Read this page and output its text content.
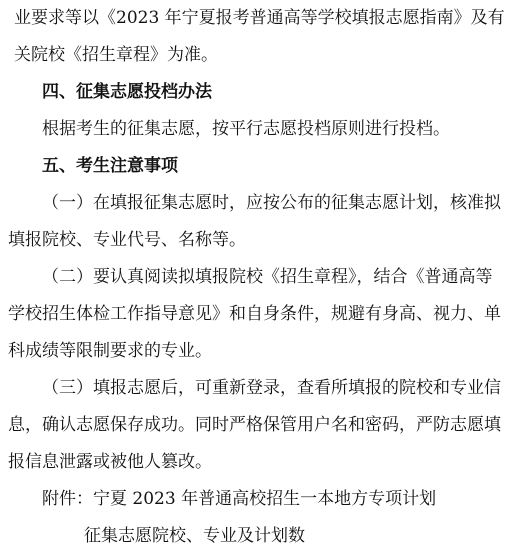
业要求等以《2023 年宁夏报考普通高等学校填报志愿指南》及有
关院校《招生章程》为准。
四、征集志愿投档办法
根据考生的征集志愿，按平行志愿投档原则进行投档。
五、考生注意事项
（一）在填报征集志愿时，应按公布的征集志愿计划，核准拟
填报院校、专业代号、名称等。
（二）要认真阅读拟填报院校《招生章程》，结合《普通高等
学校招生体检工作指导意见》和自身条件，规避有身高、视力、单
科成绩等限制要求的专业。
（三）填报志愿后，可重新登录，查看所填报的院校和专业信
息，确认志愿保存成功。同时严格保管用户名和密码，严防志愿填
报信息泄露或被他人篡改。
附件：宁夏 2023 年普通高校招生一本地方专项计划
征集志愿院校、专业及计划数
